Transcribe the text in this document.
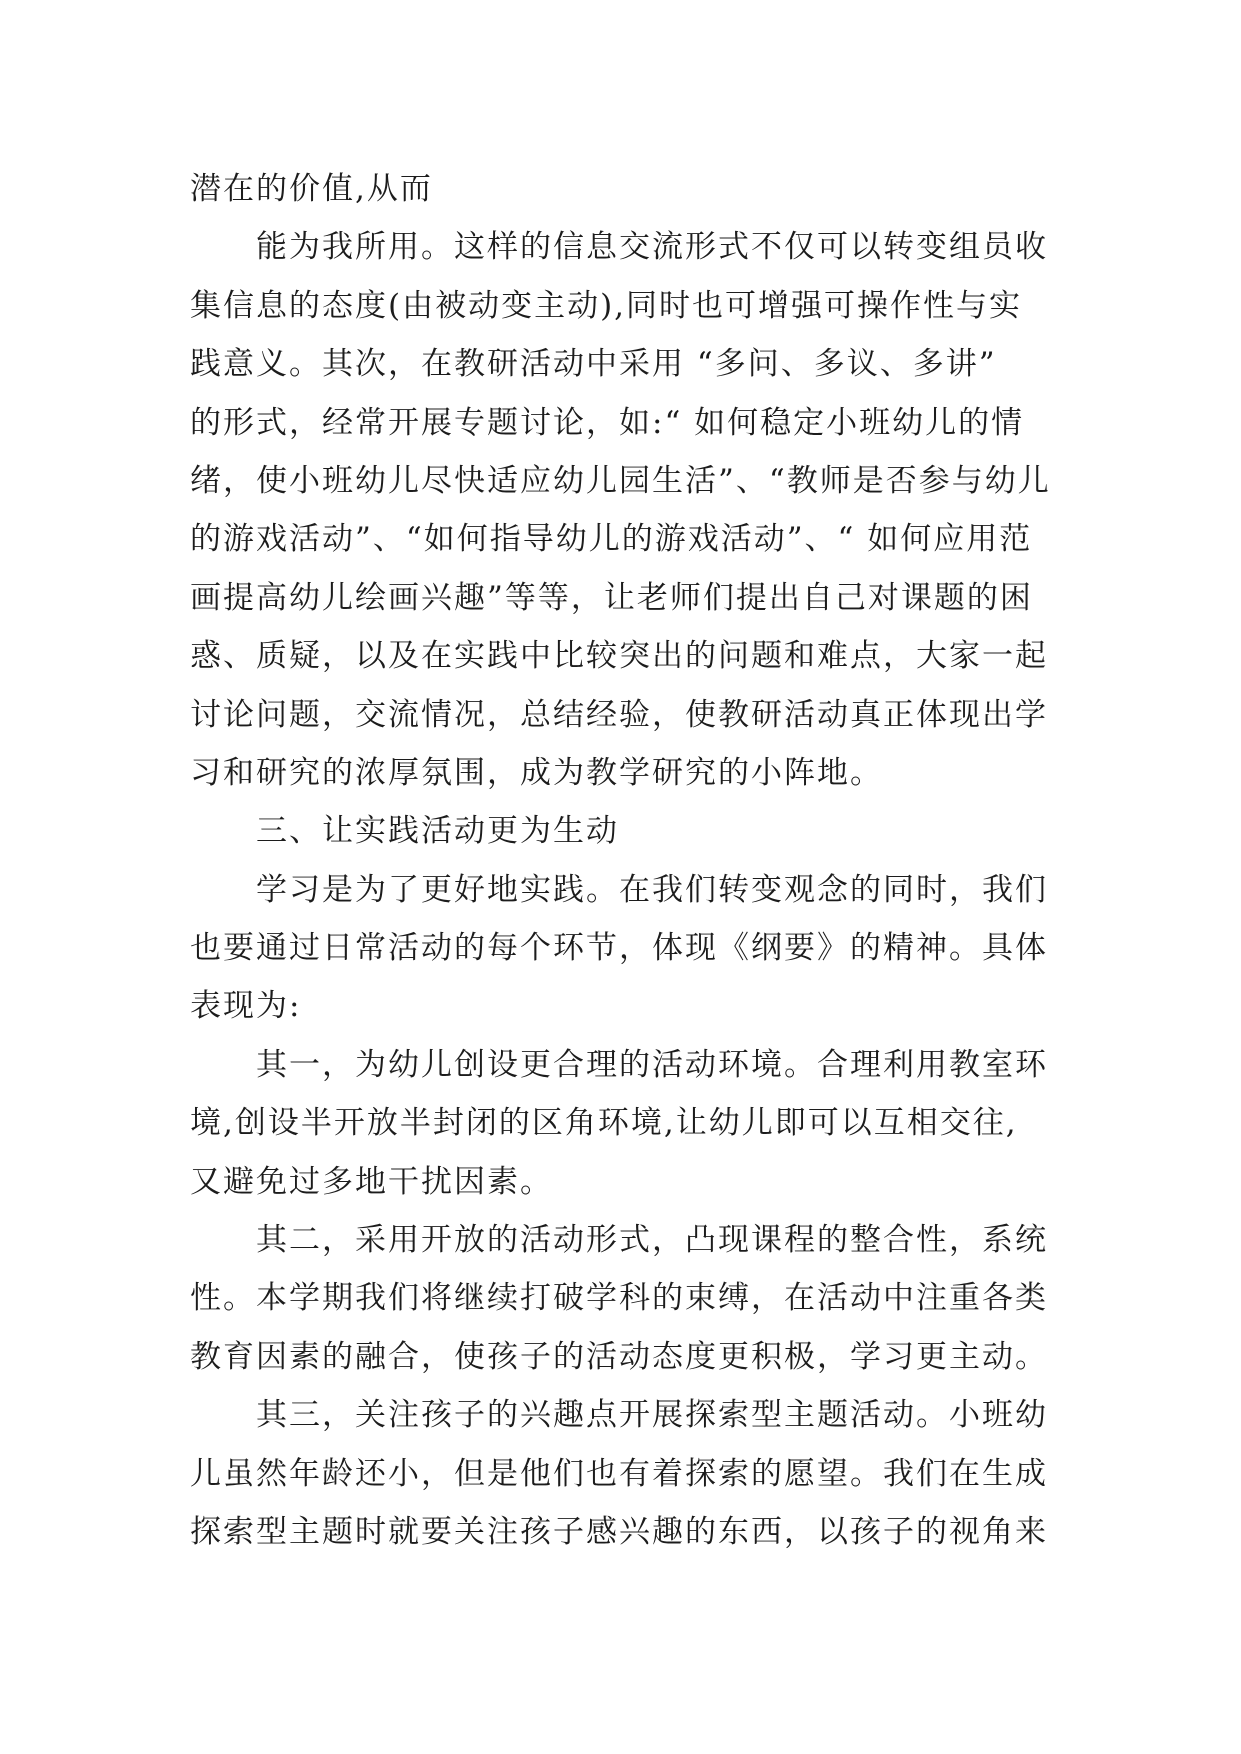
潜在的价值,从而
能为我所用。这样的信息交流形式不仅可以转变组员收
集信息的态度(由被动变主动),同时也可增强可操作性与实
践意义。其次，在教研活动中采用 “多问、多议、多讲”
的形式，经常开展专题讨论，如:“ 如何稳定小班幼儿的情
绪，使小班幼儿尽快适应幼儿园生活”、“教师是否参与幼儿
的游戏活动”、“如何指导幼儿的游戏活动”、“ 如何应用范
画提高幼儿绘画兴趣”等等，让老师们提出自己对课题的困
惑、质疑，以及在实践中比较突出的问题和难点，大家一起
讨论问题，交流情况，总结经验，使教研活动真正体现出学
习和研究的浓厚氛围，成为教学研究的小阵地。
三、让实践活动更为生动
学习是为了更好地实践。在我们转变观念的同时，我们
也要通过日常活动的每个环节，体现《纲要》的精神。具体
表现为:
其一，为幼儿创设更合理的活动环境。合理利用教室环
境,创设半开放半封闭的区角环境,让幼儿即可以互相交往,
又避免过多地干扰因素。
其二，采用开放的活动形式，凸现课程的整合性，系统
性。本学期我们将继续打破学科的束缚，在活动中注重各类
教育因素的融合，使孩子的活动态度更积极，学习更主动。
其三，关注孩子的兴趣点开展探索型主题活动。小班幼
儿虽然年龄还小，但是他们也有着探索的愿望。我们在生成
探索型主题时就要关注孩子感兴趣的东西，以孩子的视角来
